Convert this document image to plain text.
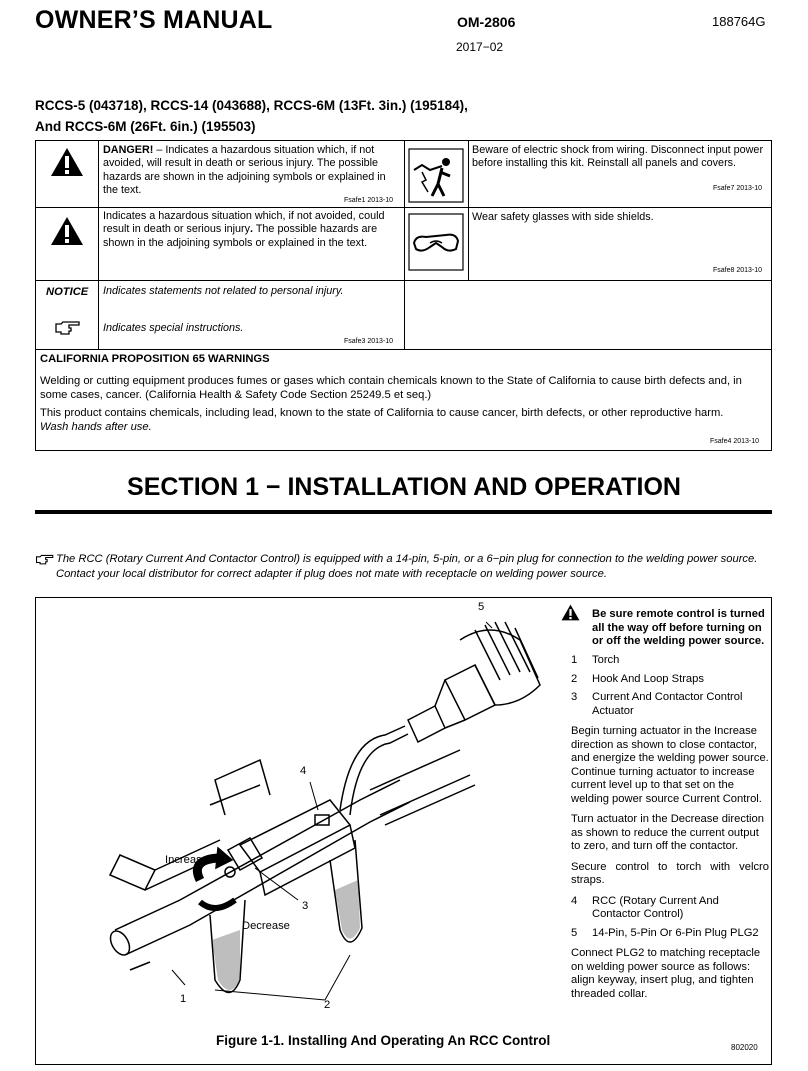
OWNER’S MANUAL	OM-2806	188764G
2017−02
RCCS-5 (043718), RCCS-14 (043688), RCCS-6M (13Ft. 3in.) (195184),
And RCCS-6M (26Ft. 6in.) (195503)
DANGER! – Indicates a hazardous situation which, if not avoided, will result in death or serious injury. The possible hazards are shown in the adjoining symbols or explained in the text.
Fsafe1 2013-10
Beware of electric shock from wiring. Disconnect input power before installing this kit. Reinstall all panels and covers.
Fsafe7 2013-10
Indicates a hazardous situation which, if not avoided, could result in death or serious injury. The possible hazards are shown in the adjoining symbols or explained in the text.
Wear safety glasses with side shields.
Fsafe8 2013-10
NOTICE Indicates statements not related to personal injury.
Indicates special instructions.
Fsafe3 2013-10
CALIFORNIA PROPOSITION 65 WARNINGS
Welding or cutting equipment produces fumes or gases which contain chemicals known to the State of California to cause birth defects and, in some cases, cancer. (California Health & Safety Code Section 25249.5 et seq.)
This product contains chemicals, including lead, known to the state of California to cause cancer, birth defects, or other reproductive harm.
Wash hands after use.
Fsafe4 2013-10
SECTION 1 − INSTALLATION AND OPERATION
The RCC (Rotary Current And Contactor Control) is equipped with a 14-pin, 5-pin, or a 6−pin plug for connection to the welding power source.
Contact your local distributor for correct adapter if plug does not mate with receptacle on welding power source.
Increase
Decrease
1	2
3
4
5
Be sure remote control is turned all the way off before turning on or off the welding power source.
1	Torch
2	Hook And Loop Straps
3	Current And Contactor Control Actuator
Begin turning actuator in the Increase direction as shown to close contactor, and energize the welding power source. Continue turning actuator to increase current level up to that set on the welding power source Current Control.
Turn actuator in the Decrease direction as shown to reduce the current output to zero, and turn off the contactor.
Secure control to torch with velcro straps.
4	RCC (Rotary Current And Contactor Control)
5	14-Pin, 5-Pin Or 6-Pin Plug PLG2
Connect PLG2 to matching receptacle on welding power source as follows: align keyway, insert plug, and tighten threaded collar.
Figure 1-1. Installing And Operating An RCC Control	802020
